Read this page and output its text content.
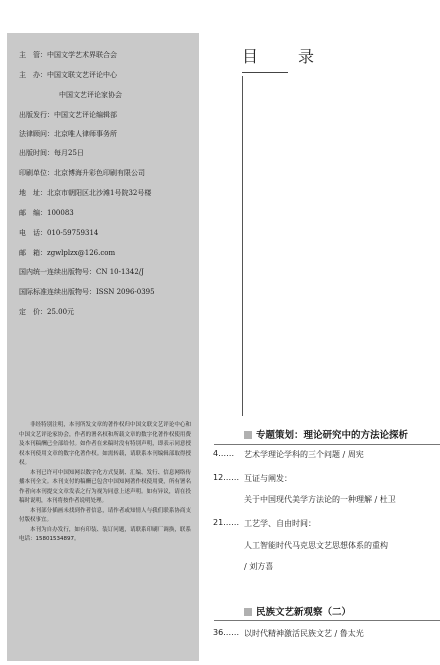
主　管：中国文学艺术界联合会
主　办：中国文联文艺评论中心
中国文艺评论家协会
出版发行：中国文艺评论编辑部
法律顾问：北京唯人律师事务所
出版时间：每月25日
印刷单位：北京博海升彩色印刷有限公司
地　址：北京市朝阳区北沙滩1号院32号楼
邮　编：100083
电　话：010-59759314
邮　箱：zgwlplzx@126.com
国内统一连续出版物号：CN 10-1342/J
国际标准连续出版物号：ISSN 2096-0395
定　价：25.00元

非经特别注明，本刊所发文章的著作权归中国文联文艺评论中心和中国文艺评论家协会，作者的署名权和所载文章的数字化著作权使用费及本刊稿酬已全部给付。如作者在来稿时没有特别声明，即表示同意授权本刊使用文章的数字化著作权。如需转载，请联系本刊编辑部取得授权。

本刊已许可中国知网以数字化方式复制、汇编、发行、信息网络传播本刊全文。本刊支付的稿酬已包含中国知网著作权使用费，所有署名作者向本刊提交文章发表之行为视为同意上述声明。如有异议，请在投稿时说明，本刊将按作者说明处理。

本刊部分插画未找到作者信息，请作者或知情人与我们联系协商支付版权事宜。

本刊为自办发行，如有印装、装订问题，请联系印刷厂调换，联系电话：15801534897。

目　录
专题策划：理论研究中的方法论探析
4…… 艺术学理论学科的三个问题 / 周宪
12…… 互证与阐发：
关于中国现代美学方法论的一种理解 / 杜卫
21…… 工艺学、自由时间：
人工智能时代马克思文艺思想体系的重构
/ 刘方喜
民族文艺新观察（二）
36…… 以时代精神激活民族文艺 / 鲁太光
